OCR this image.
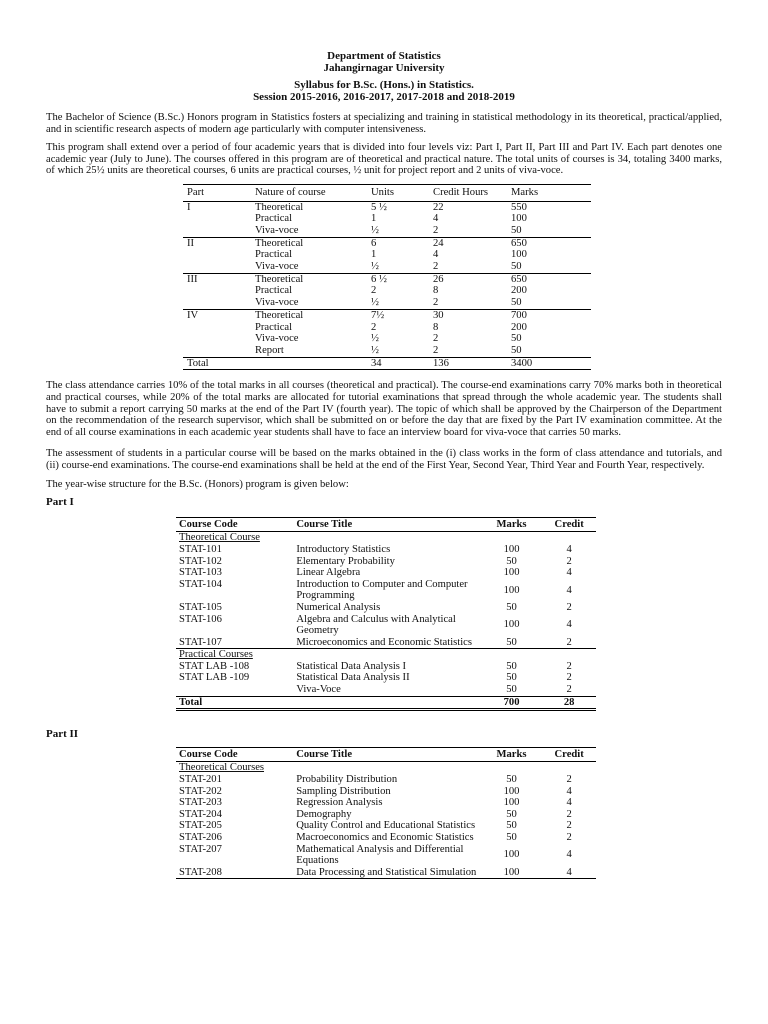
Department of Statistics
Jahangirnagar University
Syllabus for B.Sc. (Hons.) in Statistics.
Session 2015-2016, 2016-2017, 2017-2018 and 2018-2019

The Bachelor of Science (B.Sc.) Honors program in Statistics fosters at specializing and training in statistical methodology in its theoretical, practical/applied, and in scientific research aspects of modern age particularly with computer intensiveness.

This program shall extend over a period of four academic years that is divided into four levels viz: Part I, Part II, Part III and Part IV. Each part denotes one academic year (July to June). The courses offered in this program are of theoretical and practical nature. The total units of courses is 34, totaling 3400 marks, of which 25½ units are theoretical courses, 6 units are practical courses, ½ unit for project report and 2 units of viva-voce.

Part	Nature of course	Units	Credit Hours	Marks
I	Theoretical	5 ½	22	550
	Practical	1	4	100
	Viva-voce	½	2	50
II	Theoretical	6	24	650
	Practical	1	4	100
	Viva-voce	½	2	50
III	Theoretical	6 ½	26	650
	Practical	2	8	200
	Viva-voce	½	2	50
IV	Theoretical	7½	30	700
	Practical	2	8	200
	Viva-voce	½	2	50
	Report	½	2	50
Total		34	136	3400

The class attendance carries 10% of the total marks in all courses (theoretical and practical). The course-end examinations carry 70% marks both in theoretical and practical courses, while 20% of the total marks are allocated for tutorial examinations that spread through the whole academic year. The students shall have to submit a report carrying 50 marks at the end of the Part IV (fourth year). The topic of which shall be approved by the Chairperson of the Department on the recommendation of the research supervisor, which shall be submitted on or before the day that are fixed by the Part IV examination committee. At the end of all course examinations in each academic year students shall have to face an interview board for viva-voce that carries 50 marks.

The assessment of students in a particular course will be based on the marks obtained in the (i) class works in the form of class attendance and tutorials, and (ii) course-end examinations. The course-end examinations shall be held at the end of the First Year, Second Year, Third Year and Fourth Year, respectively.

The year-wise structure for the B.Sc. (Honors) program is given below:

Part I

Course Code	Course Title	Marks	Credit
Theoretical Course			
STAT-101	Introductory Statistics	100	4
STAT-102	Elementary Probability	50	2
STAT-103	Linear Algebra	100	4
STAT-104	Introduction to Computer and Computer Programming	100	4
STAT-105	Numerical Analysis	50	2
STAT-106	Algebra and Calculus with Analytical Geometry	100	4
STAT-107	Microeconomics and Economic Statistics	50	2
Practical Courses			
STAT LAB -108	Statistical Data Analysis I	50	2
STAT LAB -109	Statistical Data Analysis II	50	2
	Viva-Voce	50	2
Total		700	28

Part II

Course Code	Course Title	Marks	Credit
Theoretical Courses			
STAT-201	Probability Distribution	50	2
STAT-202	Sampling Distribution	100	4
STAT-203	Regression Analysis	100	4
STAT-204	Demography	50	2
STAT-205	Quality Control and Educational Statistics	50	2
STAT-206	Macroeconomics and Economic Statistics	50	2
STAT-207	Mathematical Analysis and Differential Equations	100	4
STAT-208	Data Processing and Statistical Simulation	100	4
